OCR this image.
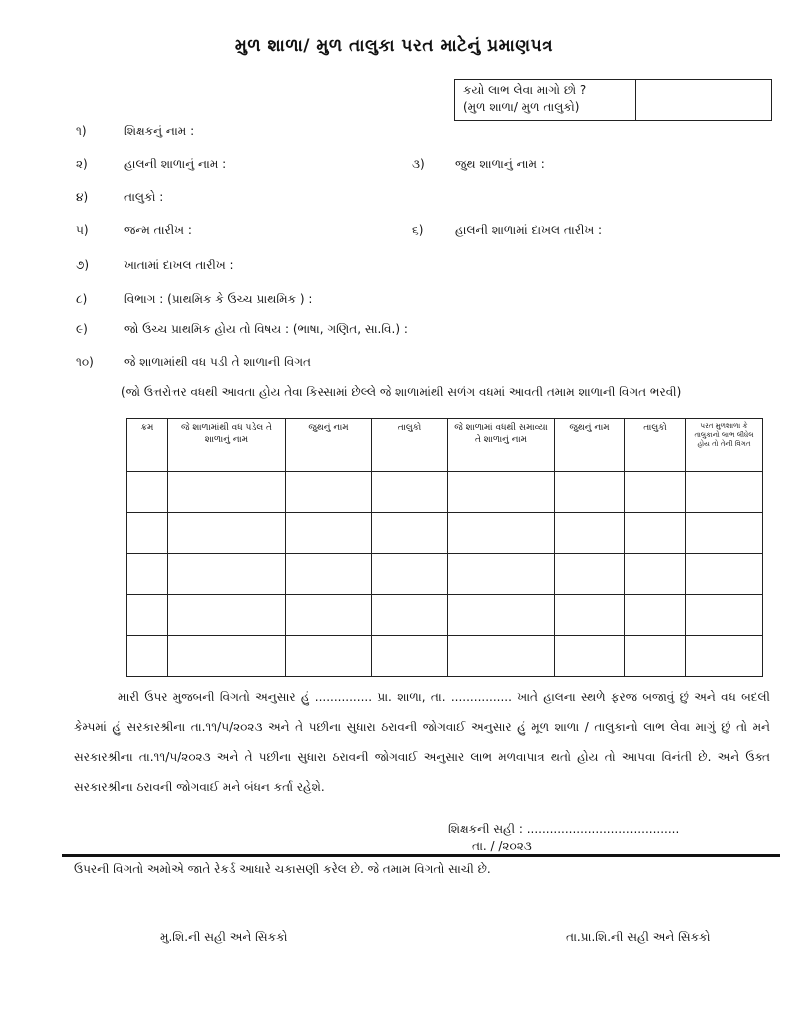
મુળ શાળા/ મુળ તાલુકા પરત માટેનું પ્રમાણપત્ર
કયો લાભ લેવા માગો છો ?
(મુળ શાળા/ મુળ તાલુકો)
૧)	શિક્ષકનું નામ :
૨)	હાલની શાળાનું નામ :	૩)	જુથ શાળાનું નામ :
૪)	તાલુકો :
૫)	જન્મ તારીખ :	૬)	હાલની શાળામાં દાખલ તારીખ :
૭)	ખાતામાં દાખલ તારીખ :
૮)	વિભાગ : (પ્રાથમિક કે ઉચ્ચ પ્રાથમિક ) :
૯)	જો ઉચ્ચ પ્રાથમિક હોય તો વિષય : (ભાષા, ગણિત, સા.વિ.) :
૧૦)	જે શાળામાંથી વધ પડી તે શાળાની વિગત
(જો ઉત્તરોત્તર વધથી આવતા હોય તેવા કિસ્સામાં છેલ્લે જે શાળામાંથી સળંગ વધમાં આવતી તમામ શાળાની વિગત ભરવી)
ક્રમ	જે શાળામાંથી વધ પડેલ તે શાળાનું નામ	જુથનું નામ	તાલુકો	જે શાળામાં વધથી સમાવ્યા તે શાળાનું નામ	જુથનું નામ	તાલુકો	પરત મુળશાળા કે તાલુકાનો લાભ લીધેલ હોય તો તેની વિગત

મારી ઉપર મુજબની વિગતો અનુસાર હું ............... પ્રા. શાળા, તા. ................ ખાતે હાલના સ્થળે ફરજ બજાવું છું અને વધ બદલી કેમ્પમાં હું સરકારશ્રીના તા.૧૧/૫/૨૦૨૩ અને તે પછીના સુધારા ઠરાવની જોગવાઈ અનુસાર હું મૂળ શાળા / તાલુકાનો લાભ લેવા માગું છું તો મને સરકારશ્રીના તા.૧૧/૫/૨૦૨૩ અને તે પછીના સુધારા ઠરાવની જોગવાઈ અનુસાર લાભ મળવાપાત્ર થતો હોય તો આપવા વિનંતી છે. અને ઉક્ત સરકારશ્રીના ઠરાવની જોગવાઈ મને બંધન કર્તા રહેશે.
શિક્ષકની સહી : ........................................
તા. / /૨૦૨૩
ઉપરની વિગતો અમોએ જાતે રેકર્ડ આધારે ચકાસણી કરેલ છે. જે તમામ વિગતો સાચી છે.
મુ.શિ.ની સહી અને સિકકો	તા.પ્રા.શિ.ની સહી અને સિકકો
